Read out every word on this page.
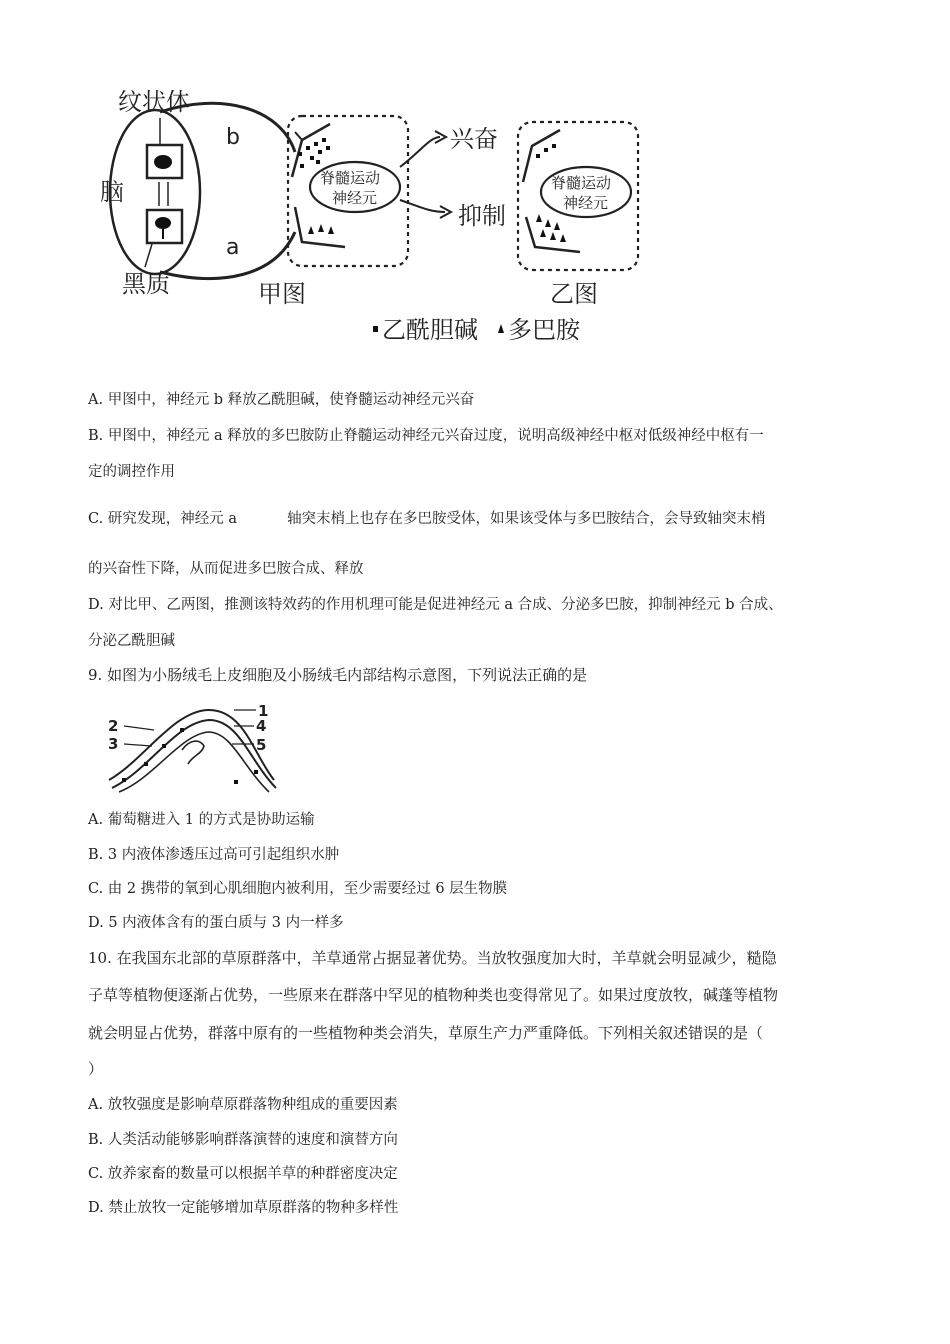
纹状体
脑
黑质
b
a
脊髓运动
神经元
兴奋
抑制
脊髓运动
神经元
甲图	乙图
乙酰胆碱 多巴胺
A. 甲图中，神经元 b 释放乙酰胆碱，使脊髓运动神经元兴奋
B. 甲图中，神经元 a 释放的多巴胺防止脊髓运动神经元兴奋过度，说明高级神经中枢对低级神经中枢有一
定的调控作用
C. 研究发现，神经元 a	轴突末梢上也存在多巴胺受体，如果该受体与多巴胺结合，会导致轴突末梢
的兴奋性下降，从而促进多巴胺合成、释放
D. 对比甲、乙两图，推测该特效药的作用机理可能是促进神经元 a 合成、分泌多巴胺，抑制神经元 b 合成、
分泌乙酰胆碱
9. 如图为小肠绒毛上皮细胞及小肠绒毛内部结构示意图，下列说法正确的是
1
2
3
4
5
A. 葡萄糖进入 1 的方式是协助运输
B. 3 内液体渗透压过高可引起组织水肿
C. 由 2 携带的氧到心肌细胞内被利用，至少需要经过 6 层生物膜
D. 5 内液体含有的蛋白质与 3 内一样多
10. 在我国东北部的草原群落中，羊草通常占据显著优势。当放牧强度加大时，羊草就会明显减少，糙隐
子草等植物便逐渐占优势，一些原来在群落中罕见的植物种类也变得常见了。如果过度放牧，碱蓬等植物
就会明显占优势，群落中原有的一些植物种类会消失，草原生产力严重降低。下列相关叙述错误的是（
）
A. 放牧强度是影响草原群落物种组成的重要因素
B. 人类活动能够影响群落演替的速度和演替方向
C. 放养家畜的数量可以根据羊草的种群密度决定
D. 禁止放牧一定能够增加草原群落的物种多样性
